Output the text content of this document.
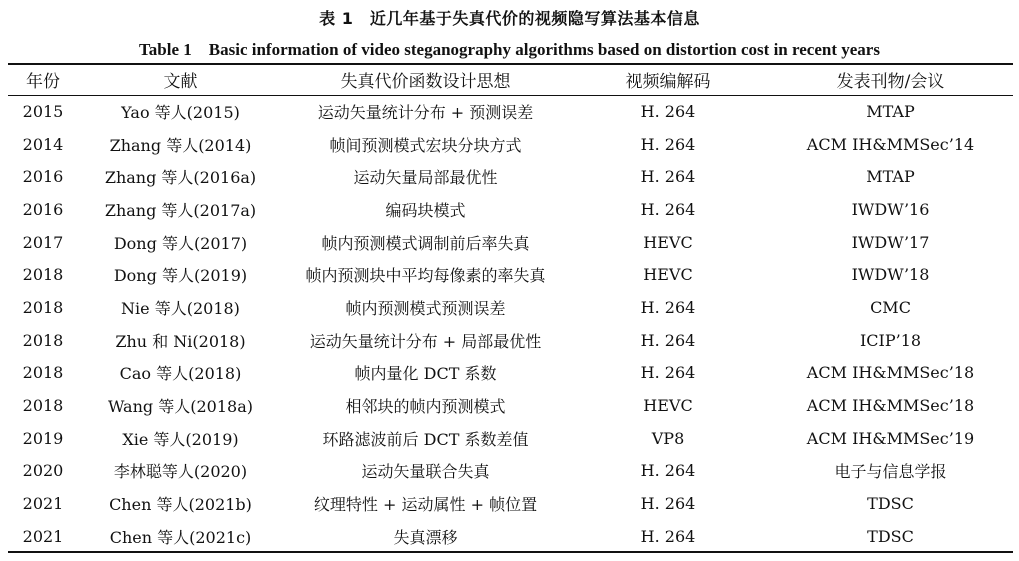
表 1　近几年基于失真代价的视频隐写算法基本信息
Table 1　Basic information of video steganography algorithms based on distortion cost in recent years
年份	文献	失真代价函数设计思想	视频编解码	发表刊物/会议
2015	Yao 等人(2015)	运动矢量统计分布 + 预测误差	H. 264	MTAP
2014	Zhang 等人(2014)	帧间预测模式宏块分块方式	H. 264	ACM IH&MMSec’14
2016	Zhang 等人(2016a)	运动矢量局部最优性	H. 264	MTAP
2016	Zhang 等人(2017a)	编码块模式	H. 264	IWDW’16
2017	Dong 等人(2017)	帧内预测模式调制前后率失真	HEVC	IWDW’17
2018	Dong 等人(2019)	帧内预测块中平均每像素的率失真	HEVC	IWDW’18
2018	Nie 等人(2018)	帧内预测模式预测误差	H. 264	CMC
2018	Zhu 和 Ni(2018)	运动矢量统计分布 + 局部最优性	H. 264	ICIP’18
2018	Cao 等人(2018)	帧内量化 DCT 系数	H. 264	ACM IH&MMSec’18
2018	Wang 等人(2018a)	相邻块的帧内预测模式	HEVC	ACM IH&MMSec’18
2019	Xie 等人(2019)	环路滤波前后 DCT 系数差值	VP8	ACM IH&MMSec’19
2020	李林聪等人(2020)	运动矢量联合失真	H. 264	电子与信息学报
2021	Chen 等人(2021b)	纹理特性 + 运动属性 + 帧位置	H. 264	TDSC
2021	Chen 等人(2021c)	失真漂移	H. 264	TDSC
